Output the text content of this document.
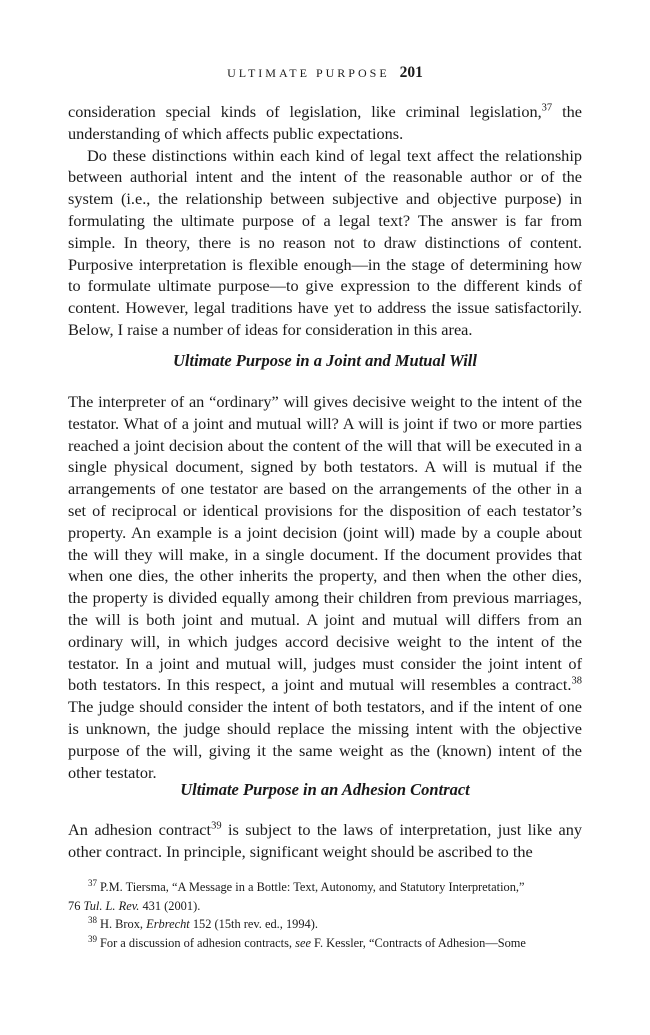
ULTIMATE PURPOSE 201

consideration special kinds of legislation, like criminal legislation,$^{37}$ the understanding of which affects public expectations.

Do these distinctions within each kind of legal text affect the relationship between authorial intent and the intent of the reasonable author or of the system (i.e., the relationship between subjective and objective purpose) in formulating the ultimate purpose of a legal text? The answer is far from simple. In theory, there is no reason not to draw distinctions of content. Purposive interpretation is flexible enough—in the stage of determining how to formulate ultimate purpose—to give expression to the different kinds of content. However, legal traditions have yet to address the issue satisfactorily. Below, I raise a number of ideas for consideration in this area.

Ultimate Purpose in a Joint and Mutual Will

The interpreter of an “ordinary” will gives decisive weight to the intent of the testator. What of a joint and mutual will? A will is joint if two or more parties reached a joint decision about the content of the will that will be executed in a single physical document, signed by both testators. A will is mutual if the arrangements of one testator are based on the arrangements of the other in a set of reciprocal or identical provisions for the disposition of each testator’s property. An example is a joint decision (joint will) made by a couple about the will they will make, in a single document. If the document provides that when one dies, the other inherits the property, and then when the other dies, the property is divided equally among their children from previous marriages, the will is both joint and mutual. A joint and mutual will differs from an ordinary will, in which judges accord decisive weight to the intent of the testator. In a joint and mutual will, judges must consider the joint intent of both testators. In this respect, a joint and mutual will resembles a contract.$^{38}$ The judge should consider the intent of both testators, and if the intent of one is unknown, the judge should replace the missing intent with the objective purpose of the will, giving it the same weight as the (known) intent of the other testator.

Ultimate Purpose in an Adhesion Contract

An adhesion contract$^{39}$ is subject to the laws of interpretation, just like any other contract. In principle, significant weight should be ascribed to the

$^{37}$ P.M. Tiersma, “A Message in a Bottle: Text, Autonomy, and Statutory Interpretation,”
76 Tul. L. Rev. 431 (2001).

$^{38}$ H. Brox, Erbrecht 152 (15th rev. ed., 1994).

$^{39}$ For a discussion of adhesion contracts, see F. Kessler, “Contracts of Adhesion—Some
